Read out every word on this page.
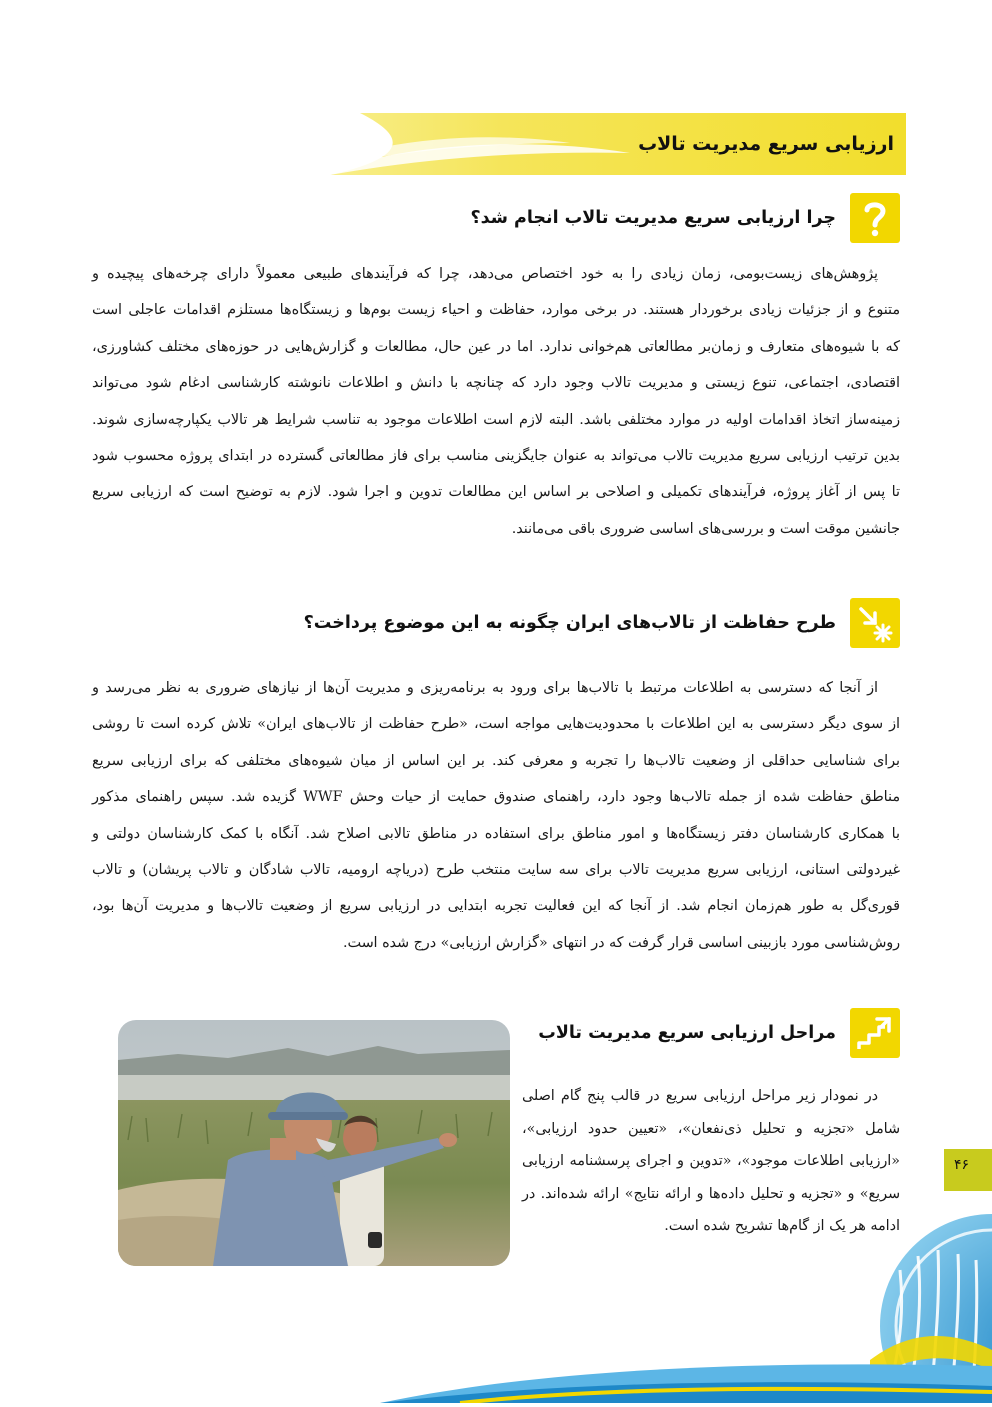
ارزیابی سریع مدیریت تالاب
چرا ارزیابی سریع مدیریت تالاب انجام شد؟
پژوهش‌های زیست‌بومی، زمان زیادی را به خود اختصاص می‌دهد، چرا که فرآیندهای طبیعی معمولاً دارای چرخه‌های پیچیده و
متنوع و از جزئیات زیادی برخوردار هستند. در برخی موارد، حفاظت و احیاء زیست بوم‌ها و زیستگاه‌ها مستلزم اقدامات عاجلی است
که با شیوه‌های متعارف و زمان‌بر مطالعاتی هم‌خوانی ندارد. اما در عین حال، مطالعات و گزارش‌هایی در حوزه‌های مختلف کشاورزی،
اقتصادی، اجتماعی، تنوع زیستی و مدیریت تالاب وجود دارد که چنانچه با دانش و اطلاعات نانوشته کارشناسی ادغام شود می‌تواند
زمینه‌ساز اتخاذ اقدامات اولیه در موارد مختلفی باشد. البته لازم است اطلاعات موجود به تناسب شرایط هر تالاب یکپارچه‌سازی شوند.
بدین ترتیب ارزیابی سریع مدیریت تالاب می‌تواند به عنوان جایگزینی مناسب برای فاز مطالعاتی گسترده در ابتدای پروژه محسوب شود
تا پس از آغاز پروژه، فرآیندهای تکمیلی و اصلاحی بر اساس این مطالعات تدوین و اجرا شود. لازم به توضیح است که ارزیابی سریع
جانشین موقت است و بررسی‌های اساسی ضروری باقی می‌مانند.
طرح حفاظت از تالاب‌های ایران چگونه به این موضوع پرداخت؟
از آنجا که دسترسی به اطلاعات مرتبط با تالاب‌ها برای ورود به برنامه‌ریزی و مدیریت آن‌ها از نیازهای ضروری به نظر می‌رسد و
از سوی دیگر دسترسی به این اطلاعات با محدودیت‌هایی مواجه است، «طرح حفاظت از تالاب‌های ایران» تلاش کرده است تا روشی
برای شناسایی حداقلی از وضعیت تالاب‌ها را تجربه و معرفی کند. بر این اساس از میان شیوه‌های مختلفی که برای ارزیابی سریع
مناطق حفاظت شده از جمله تالاب‌ها وجود دارد، راهنمای صندوق حمایت از حیات وحش WWF گزیده شد. سپس راهنمای مذکور
با همکاری کارشناسان دفتر زیستگاه‌ها و امور مناطق برای استفاده در مناطق تالابی اصلاح شد. آنگاه با کمک کارشناسان دولتی و
غیردولتی استانی، ارزیابی سریع مدیریت تالاب برای سه سایت منتخب طرح (دریاچه ارومیه، تالاب شادگان و تالاب پریشان) و تالاب
قوری‌گل به طور هم‌زمان انجام شد. از آنجا که این فعالیت تجربه ابتدایی در ارزیابی سریع از وضعیت تالاب‌ها و مدیریت آن‌ها بود،
روش‌شناسی مورد بازبینی اساسی قرار گرفت که در انتهای «گزارش ارزیابی» درج شده است.
مراحل ارزیابی سریع مدیریت تالاب
در نمودار زیر مراحل ارزیابی سریع در قالب پنج گام اصلی
شامل «تجزیه و تحلیل ذی‌نفعان»، «تعیین حدود ارزیابی»،
«ارزیابی اطلاعات موجود»، «تدوین و اجرای پرسشنامه ارزیابی
سریع» و «تجزیه و تحلیل داده‌ها و ارائه نتایج» ارائه شده‌اند. در
ادامه هر یک از گام‌ها تشریح شده است.
۴۶
